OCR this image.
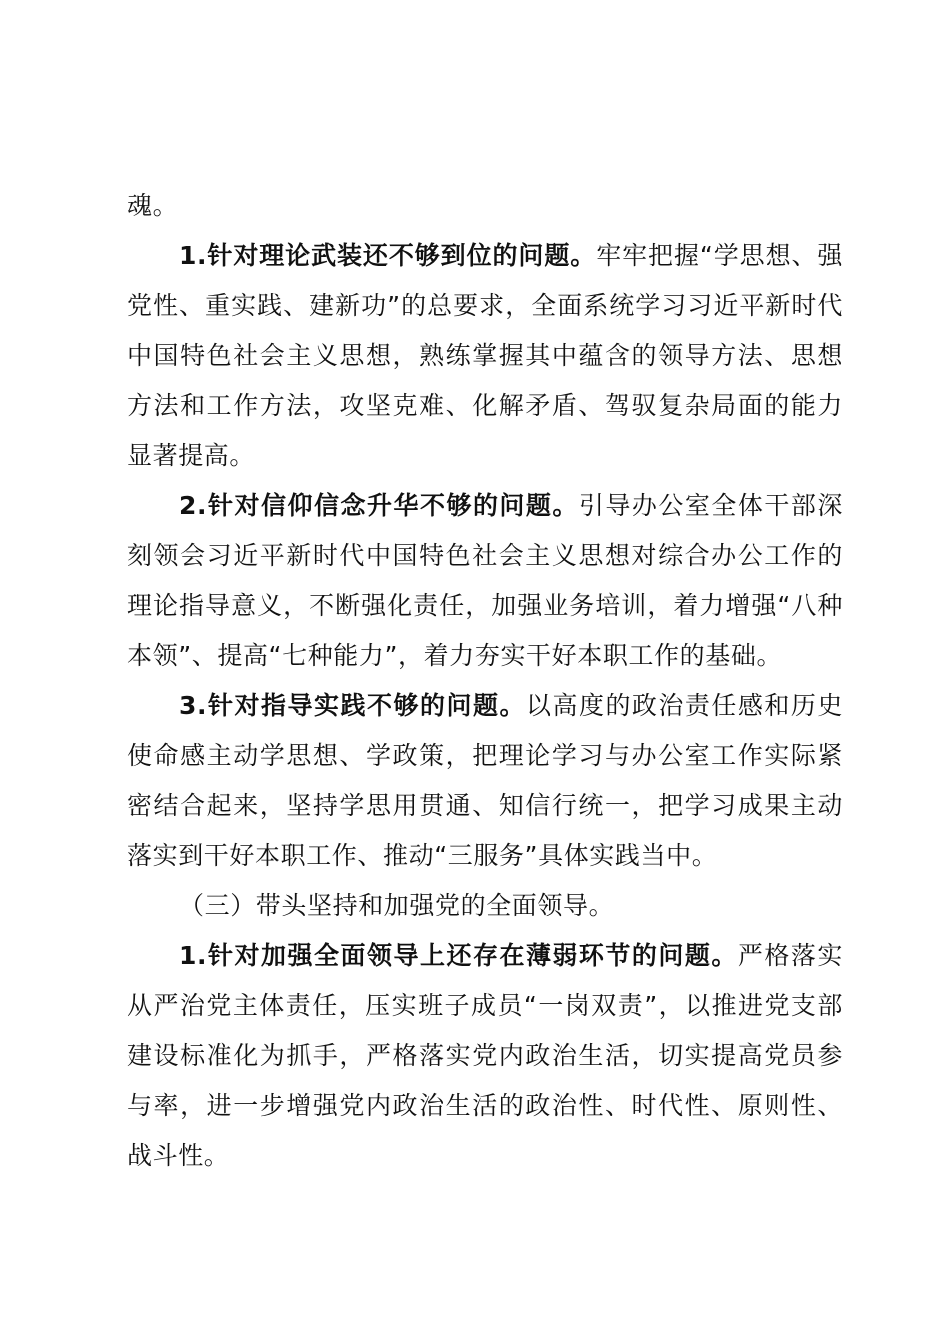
魂。

1.针对理论武装还不够到位的问题。牢牢把握“学思想、强党性、重实践、建新功”的总要求，全面系统学习习近平新时代中国特色社会主义思想，熟练掌握其中蕴含的领导方法、思想方法和工作方法，攻坚克难、化解矛盾、驾驭复杂局面的能力显著提高。

2.针对信仰信念升华不够的问题。引导办公室全体干部深刻领会习近平新时代中国特色社会主义思想对综合办公工作的理论指导意义，不断强化责任，加强业务培训，着力增强“八种本领”、提高“七种能力”，着力夯实干好本职工作的基础。

3.针对指导实践不够的问题。以高度的政治责任感和历史使命感主动学思想、学政策，把理论学习与办公室工作实际紧密结合起来，坚持学思用贯通、知信行统一，把学习成果主动落实到干好本职工作、推动“三服务”具体实践当中。

（三）带头坚持和加强党的全面领导。

1.针对加强全面领导上还存在薄弱环节的问题。严格落实从严治党主体责任，压实班子成员“一岗双责”，以推进党支部建设标准化为抓手，严格落实党内政治生活，切实提高党员参与率，进一步增强党内政治生活的政治性、时代性、原则性、战斗性。
